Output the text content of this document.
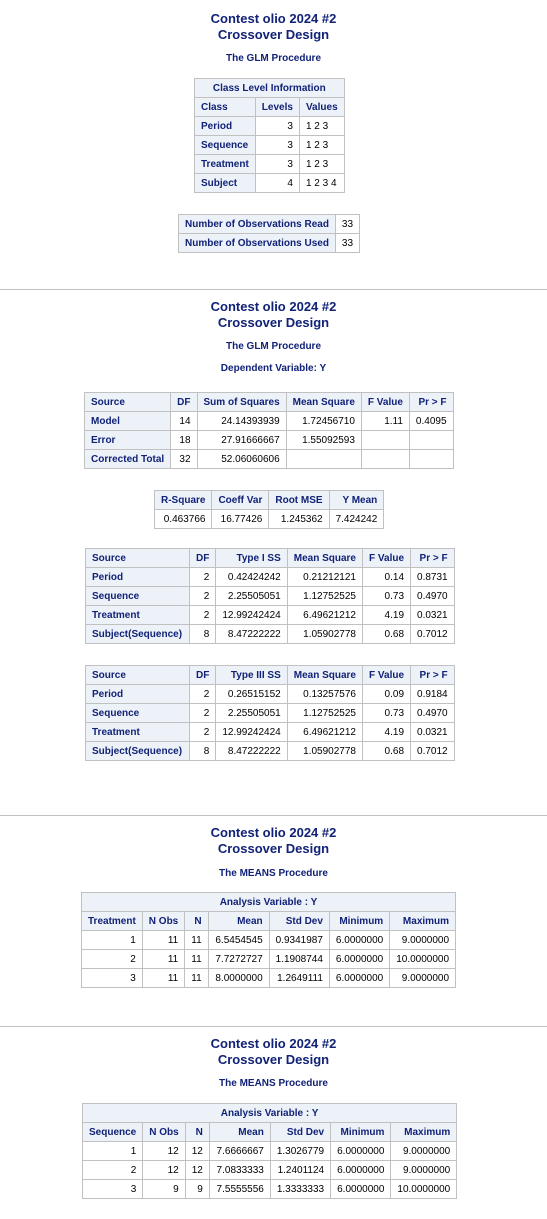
Contest olio 2024 #2
Crossover Design
The GLM Procedure
Class Level Information		
Class	Levels	Values
Period	3	1 2 3
Sequence	3	1 2 3
Treatment	3	1 2 3
Subject	4	1 2 3 4
Number of Observations Read	33
Number of Observations Used	33
Contest olio 2024 #2
Crossover Design
The GLM Procedure
Dependent Variable: Y
Source	DF	Sum of Squares	Mean Square	F Value	Pr > F
Model	14	24.14393939	1.72456710	1.11	0.4095
Error	18	27.91666667	1.55092593		
Corrected Total	32	52.06060606			
R-Square	Coeff Var	Root MSE	Y Mean
0.463766	16.77426	1.245362	7.424242
Source	DF	Type I SS	Mean Square	F Value	Pr > F
Period	2	0.42424242	0.21212121	0.14	0.8731
Sequence	2	2.25505051	1.12752525	0.73	0.4970
Treatment	2	12.99242424	6.49621212	4.19	0.0321
Subject(Sequence)	8	8.47222222	1.05902778	0.68	0.7012
Source	DF	Type III SS	Mean Square	F Value	Pr > F
Period	2	0.26515152	0.13257576	0.09	0.9184
Sequence	2	2.25505051	1.12752525	0.73	0.4970
Treatment	2	12.99242424	6.49621212	4.19	0.0321
Subject(Sequence)	8	8.47222222	1.05902778	0.68	0.7012
Contest olio 2024 #2
Crossover Design
The MEANS Procedure
Analysis Variable : Y						
Treatment	N Obs	N	Mean	Std Dev	Minimum	Maximum
1	11	11	6.5454545	0.9341987	6.0000000	9.0000000
2	11	11	7.7272727	1.1908744	6.0000000	10.0000000
3	11	11	8.0000000	1.2649111	6.0000000	9.0000000
Contest olio 2024 #2
Crossover Design
The MEANS Procedure
Analysis Variable : Y						
Sequence	N Obs	N	Mean	Std Dev	Minimum	Maximum
1	12	12	7.6666667	1.3026779	6.0000000	9.0000000
2	12	12	7.0833333	1.2401124	6.0000000	9.0000000
3	9	9	7.5555556	1.3333333	6.0000000	10.0000000
